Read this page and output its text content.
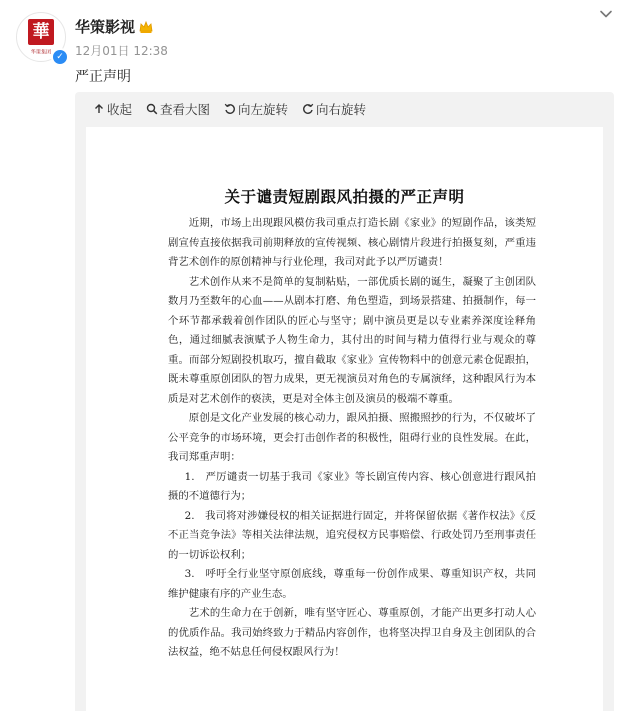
華
华策集团
✓
华策影视
12月01日 12:38
严正声明
收起 查看大图 向左旋转 向右旋转
关于谴责短剧跟风拍摄的严正声明

近期，市场上出现跟风模仿我司重点打造长剧《家业》的短剧作品，该类短剧宣传直接依据我司前期释放的宣传视频、核心剧情片段进行拍摄复刻，严重违背艺术创作的原创精神与行业伦理，我司对此予以严厉谴责！

艺术创作从来不是简单的复制粘贴，一部优质长剧的诞生，凝聚了主创团队数月乃至数年的心血——从剧本打磨、角色塑造，到场景搭建、拍摄制作，每一个环节都承载着创作团队的匠心与坚守；剧中演员更是以专业素养深度诠释角色，通过细腻表演赋予人物生命力，其付出的时间与精力值得行业与观众的尊重。而部分短剧投机取巧，擅自截取《家业》宣传物料中的创意元素仓促跟拍，既未尊重原创团队的智力成果，更无视演员对角色的专属演绎，这种跟风行为本质是对艺术创作的亵渎，更是对全体主创及演员的极端不尊重。

原创是文化产业发展的核心动力，跟风拍摄、照搬照抄的行为，不仅破坏了公平竞争的市场环境，更会打击创作者的积极性，阻碍行业的良性发展。在此，我司郑重声明：

1.　严厉谴责一切基于我司《家业》等长剧宣传内容、核心创意进行跟风拍摄的不道德行为；

2.　我司将对涉嫌侵权的相关证据进行固定，并将保留依据《著作权法》《反不正当竞争法》等相关法律法规，追究侵权方民事赔偿、行政处罚乃至刑事责任的一切诉讼权利；

3.　呼吁全行业坚守原创底线，尊重每一份创作成果、尊重知识产权，共同维护健康有序的产业生态。

艺术的生命力在于创新，唯有坚守匠心、尊重原创，才能产出更多打动人心的优质作品。我司始终致力于精品内容创作，也将坚决捍卫自身及主创团队的合法权益，绝不姑息任何侵权跟风行为！
